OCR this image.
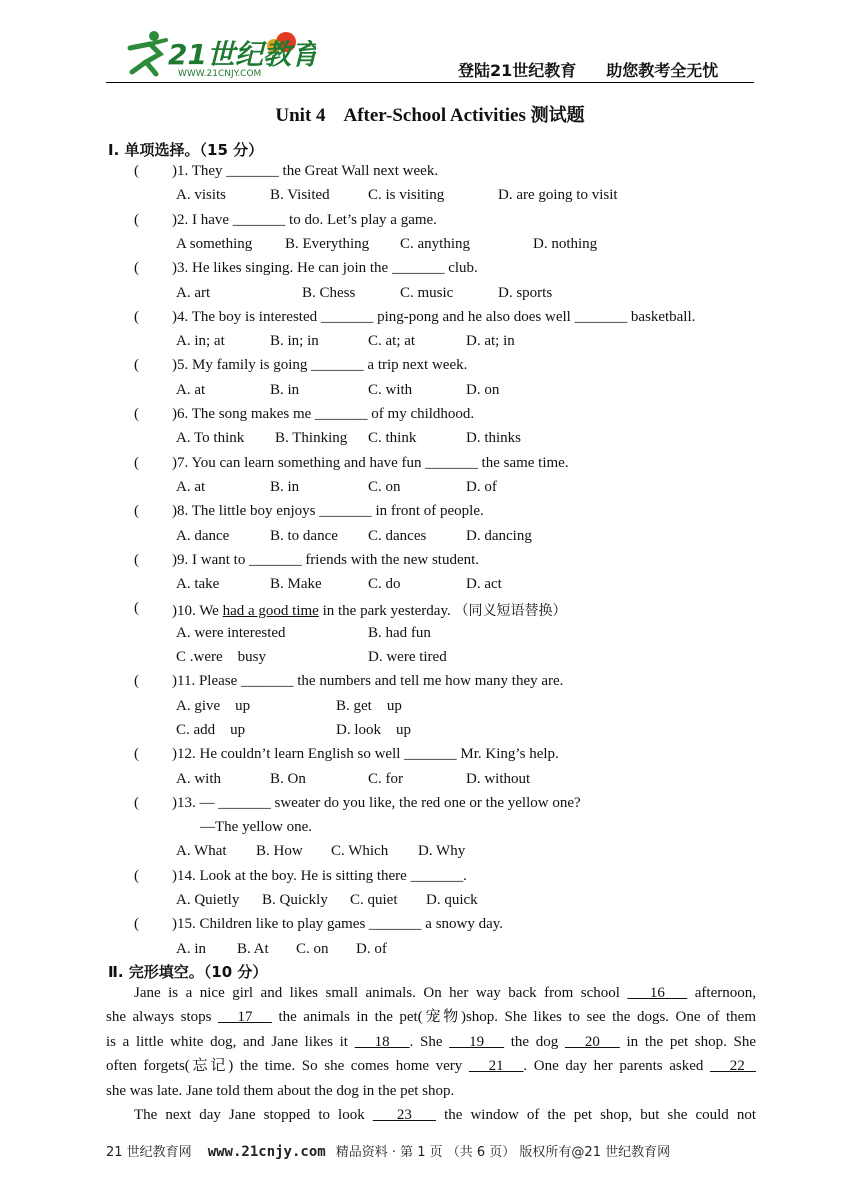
21世纪教育
WWW.21CNJY.COM	登陆21世纪教育 助您教考全无忧
Unit 4    After-School Activities 测试题
Ⅰ. 单项选择。（15 分）
( )1. They _______ the Great Wall next week.
A. visits	B. Visited	C. is visiting	D. are going to visit
( )2. I have _______ to do. Let’s play a game.
A something B. Everything C. anything	D. nothing
( )3. He likes singing. He can join the _______ club.
A. art	B. Chess	C. music	D. sports
( )4. The boy is interested _______ ping-pong and he also does well _______ basketball.
A. in; at	B. in; in	C. at; at	D. at; in
( )5. My family is going _______ a trip next week.
A. at	B. in	C. with	D. on
( )6. The song makes me _______ of my childhood.
A. To think B. Thinking C. think	D. thinks
( )7. You can learn something and have fun _______ the same time.
A. at	B. in	C. on	D. of
( )8. The little boy enjoys _______ in front of people.
A. dance	B. to dance C. dances	D. dancing
( )9. I want to _______ friends with the new student.
A. take	B. Make	C. do	D. act
( )10. We had a good time in the park yesterday. （同义短语替换）
A. were interested	B. had fun
C .were    busy	D. were tired
( )11. Please _______ the numbers and tell me how many they are.
A. give    up	B. get    up
C. add    up	D. look    up
( )12. He couldn’t learn English so well _______ Mr. King’s help.
A. with	B. On	C. for	D. without
( )13. — _______ sweater do you like, the red one or the yellow one?
—The yellow one.
A. What B. How C. Which D. Why
( )14. Look at the boy. He is sitting there _______.
A. Quietly B. Quickly C. quiet D. quick
( )15. Children like to play games _______ a snowy day.
A. in B. At C. on D. of
Ⅱ. 完形填空。（10 分）
Jane is a nice girl and likes small animals. On her way back from school    16    afternoon,
she always stops    17    the animals in the pet(宠物)shop. She likes to see the dogs. One of them
is a little white dog, and Jane likes it    18   . She    19    the dog    20    in the pet shop. She
often forgets(忘记) the time. So she comes home very    21   . One day her parents asked    22
she was late. Jane told them about the dog in the pet shop.
The next day Jane stopped to look    23    the window of the pet shop, but she could not
21 世纪教育网 www.21cnjy.com 精品资料 · 第 1 页 （共 6 页） 版权所有@21 世纪教育网
